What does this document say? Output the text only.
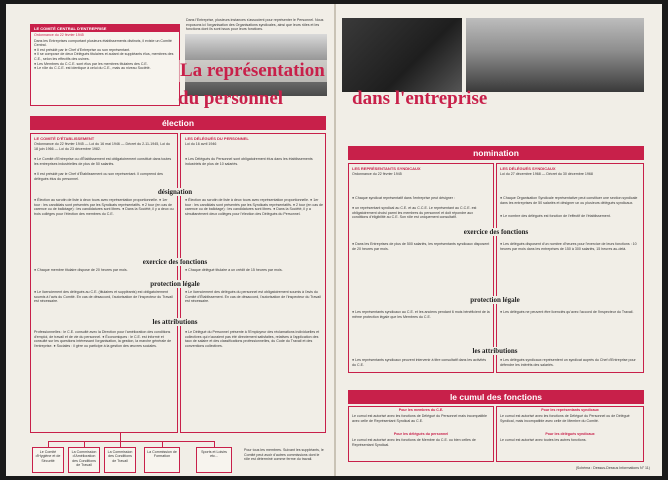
LE COMITÉ CENTRAL D'ENTREPRISE
Ordonnance du 22 février 1945
Dans les Entreprises comportant plusieurs établissements distincts, il existe un Comité Central.
● Il est présidé par le Chef d'Entreprise ou son représentant.
● Il se compose de deux Délégués titulaires et autant de suppléants élus, membres des C.E., selon les effectifs des usines.
● Les Membres du C.C.E. sont élus par les membres titulaires des C.E.
● Le rôle du C.C.E. est identique à celui du C.E., mais au niveau Société.
Dans l'Entreprise, plusieurs instances s'associent pour représenter le Personnel. Nous exposons ici l'organisation des Organisations syndicales, ainsi que leurs rôles et les fonctions dont ils sont issus pour leurs fonctions.
La représentation
du personnel
élection
LE COMITÉ D'ÉTABLISSEMENT
Ordonnance du 22 février 1945 — Loi du 16 mai 1946 — Décret du 2-11-1945, Loi du 18 juin 1966 — Loi du 23 décembre 1982.
● Le Comité d'Entreprise ou d'Établissement est obligatoirement constitué dans toutes les entreprises industrielles de plus de 50 salariés.
● Il est présidé par le Chef d'Établissement ou son représentant. Il comprend des délégués élus du personnel.
LES DÉLÉGUÉS DU PERSONNEL
Loi du 16 avril 1946
● Les Délégués du Personnel sont obligatoirement élus dans les établissements industriels de plus de 10 salariés.
désignation
● Élection au scrutin de liste à deux tours avec représentation proportionnelle. ● 1er tour : les candidats sont présentés par les Syndicats représentatifs. ● 2 tour (en cas de carence ou de ballotage) : les candidatures sont libres. ● Dans la Société, il y a deux ou trois collèges pour l'élection des membres du C.E.
● Élection au scrutin de liste à deux tours avec représentation proportionnelle. ● 1er tour : les candidats sont présentés par les Syndicats représentatifs. ● 2 tour (en cas de carence ou de ballotage) : les candidatures sont libres. ● Dans la Société, il y a simultanément deux collèges pour l'élection des Délégués du Personnel.
exercice des fonctions
● Chaque membre titulaire dispose de 20 heures par mois.	● Chaque délégué titulaire a un crédit de 15 heures par mois.
protection légale
● Le licenciement des délégués au C.E. (titulaires et suppléants) est obligatoirement soumis à l'avis du Comité. En cas de désaccord, l'autorisation de l'inspecteur du Travail est nécessaire.
● Le licenciement des délégués du personnel est obligatoirement soumis à l'avis du Comité d'Établissement. En cas de désaccord, l'autorisation de l'inspecteur du Travail est nécessaire.
les attributions
Professionnelles : le C.E. consulté avec la Direction pour l'amélioration des conditions d'emploi, de travail et de vie du personnel. ● Économiques : le C.E. est informé et consulté sur les questions intéressant l'organisation, la gestion, la marche générale de l'entreprise. ● Sociales : il gère ou participe à la gestion des œuvres sociales.
● Le Délégué du Personnel présente à l'Employeur des réclamations individuelles et collectives qui n'auraient pas été directement satisfaites, relatives à l'application des taux de salaire et des classifications professionnelles, du Code du Travail et des conventions collectives.
Le Comité d'Hygiène et de Sécurité
La Commission d'Amélioration des Conditions de Travail
La Commission des Conditions de Travail
La Commission de Formation
Sports et Loisirs etc...
Pour tous les membres. Suivant les suppléants, le Comité peut avoir d'autres commissions dont le rôle est déterminé comme ferme du travail.
dans l'entreprise
nomination
LES REPRÉSENTANTS SYNDICAUX
Ordonnance du 22 février 1945
● Chaque syndicat représentatif dans l'entreprise peut désigner :
● un représentant syndical au C.E. et au C.C.E. Le représentant au C.C.E. est obligatoirement choisi parmi les membres du personnel et doit répondre aux conditions d'éligibilité au C.E. Son rôle est uniquement consultatif.
LES DÉLÉGUÉS SYNDICAUX
Loi du 27 décembre 1968 — Décret du 30 décembre 1968
● Chaque Organisation Syndicale représentative peut constituer une section syndicale dans les entreprises de 50 salariés et désigner un ou plusieurs délégués syndicaux.
● Le nombre des délégués est fonction de l'effectif de l'établissement.
exercice des fonctions
● Dans les Entreprises de plus de 500 salariés, les représentants syndicaux disposent de 20 heures par mois.
● Les délégués disposent d'un nombre d'heures pour l'exercice de leurs fonctions : 10 heures par mois dans les entreprises de 150 à 300 salariés, 15 heures au-delà.
protection légale
● Les représentants syndicaux au C.E. et les anciens pendant 6 mois bénéficient de la même protection légale que les Membres du C.E.
● Les délégués ne peuvent être licenciés qu'avec l'accord de l'inspecteur du Travail.
les attributions
● Les représentants syndicaux peuvent intervenir à titre consultatif dans les activités du C.E.
● Les délégués syndicaux représentent un syndicat auprès du Chef d'Entreprise pour défendre les intérêts des salariés.
le cumul des fonctions
Pour les membres du C.E.
Le cumul est autorisé avec les fonctions de Délégué du Personnel mais incompatible avec celle de Représentant Syndical au C.E.
Pour les délégués du personnel
Le cumul est autorisé avec les fonctions de Membre du C.E. ou bien celles de Représentant Syndical.
Pour les représentants syndicaux
Le cumul est autorisé avec les fonctions de Délégué du Personnel ou de Délégué Syndical, mais incompatible avec celle de Membre du Comité.
Pour les délégués syndicaux
Le cumul est autorisé avec toutes les autres fonctions.
(Schéma : Dessus-Dessus Informations N° 11)
